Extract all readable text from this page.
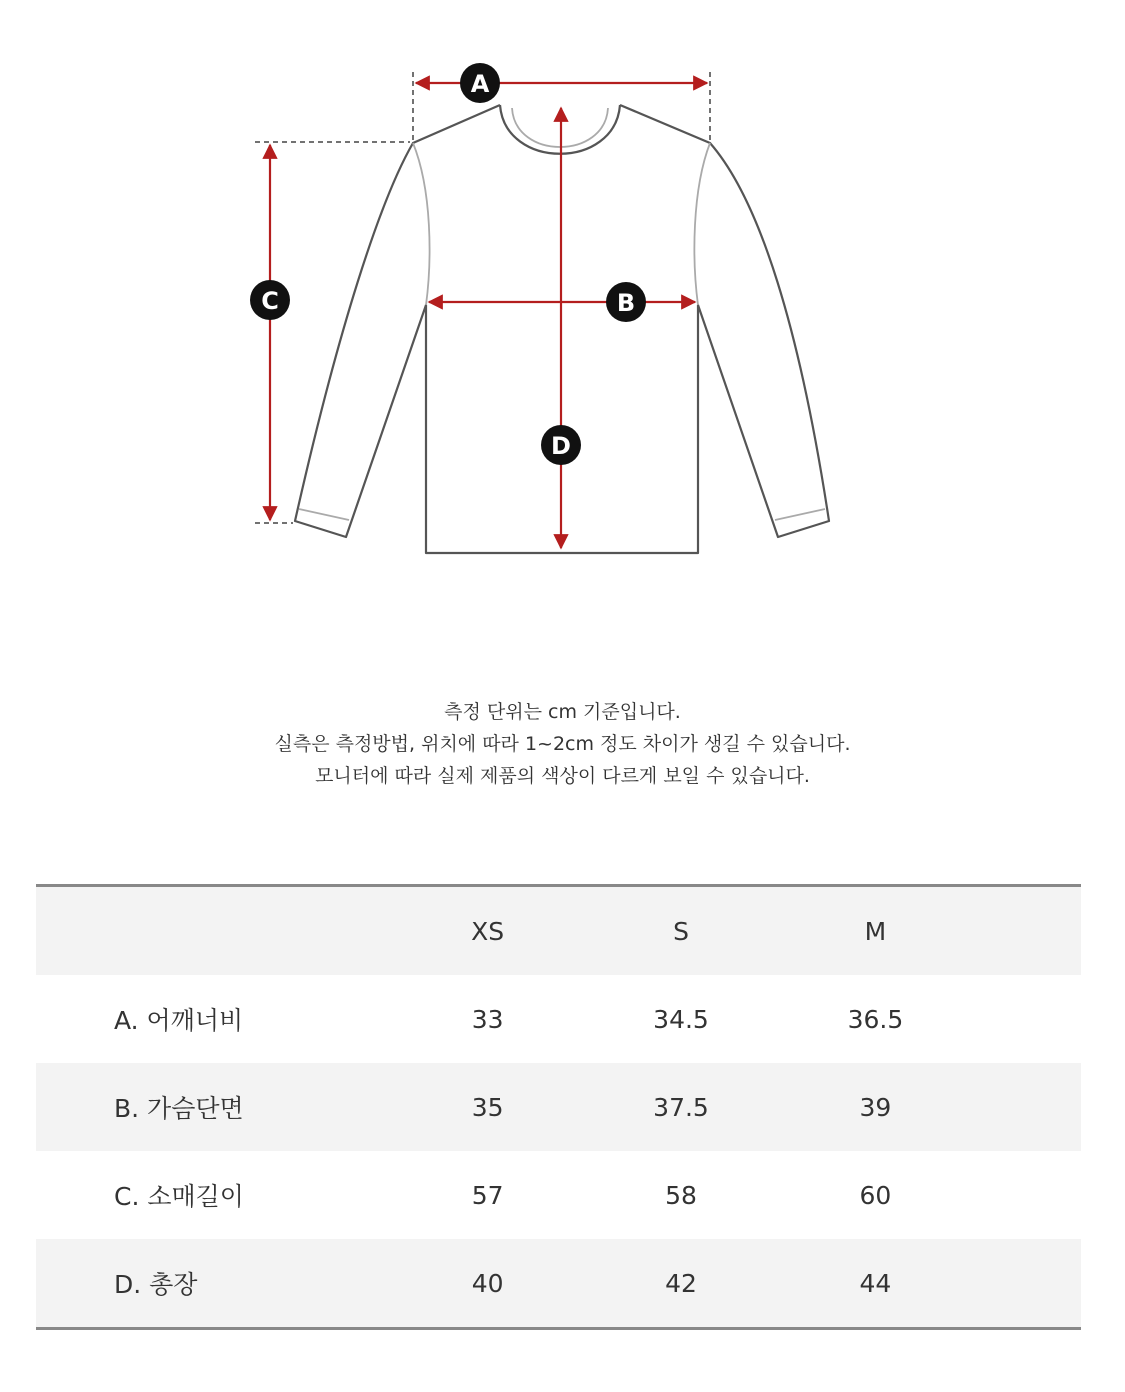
A
B
C
D
측정 단위는 cm 기준입니다.
실측은 측정방법, 위치에 따라 1~2cm 정도 차이가 생길 수 있습니다.
모니터에 따라 실제 제품의 색상이 다르게 보일 수 있습니다.
	XS	S	M	
A. 어깨너비	33	34.5	36.5	
B. 가슴단면	35	37.5	39	
C. 소매길이	57	58	60	
D. 총장	40	42	44	
